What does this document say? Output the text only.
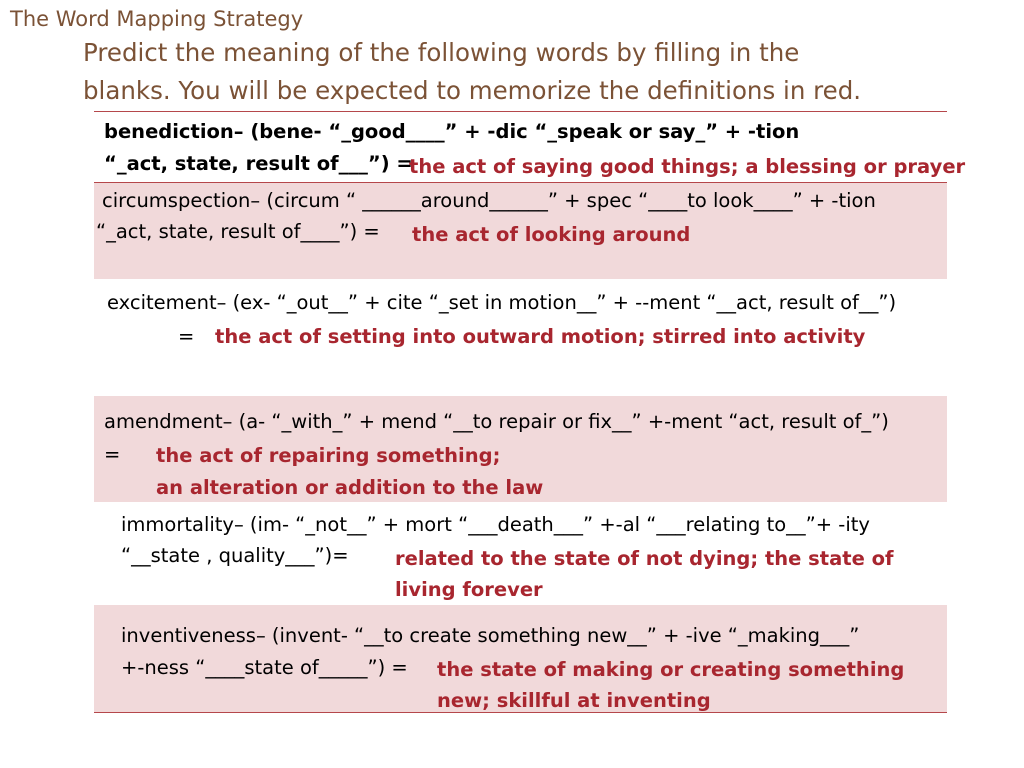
The Word Mapping Strategy
Predict the meaning of the following words by filling in the
blanks. You will be expected to memorize the definitions in red.
benediction– (bene- “_good____” + -dic “_speak or say_” + -tion
“_act, state, result of___”) =
the act of saying good things; a blessing or prayer
circumspection– (circum “ ______around______” + spec “____to look____” + -tion
“_act, state, result of____”) = the act of looking around
excitement– (ex- “_out__” + cite “_set in motion__” + --ment “__act, result of__”)
= the act of setting into outward motion; stirred into activity
amendment– (a- “_with_” + mend “__to repair or fix__” +-ment “act, result of_”)
= the act of repairing something;
an alteration or addition to the law
immortality– (im- “_not__” + mort “___death___” +-al “___relating to__”+ -ity
“__state , quality___”)= related to the state of not dying; the state of
living forever
inventiveness– (invent- “__to create something new__” + -ive “_making___”
+-ness “____state of_____”) = the state of making or creating something
new; skillful at inventing
